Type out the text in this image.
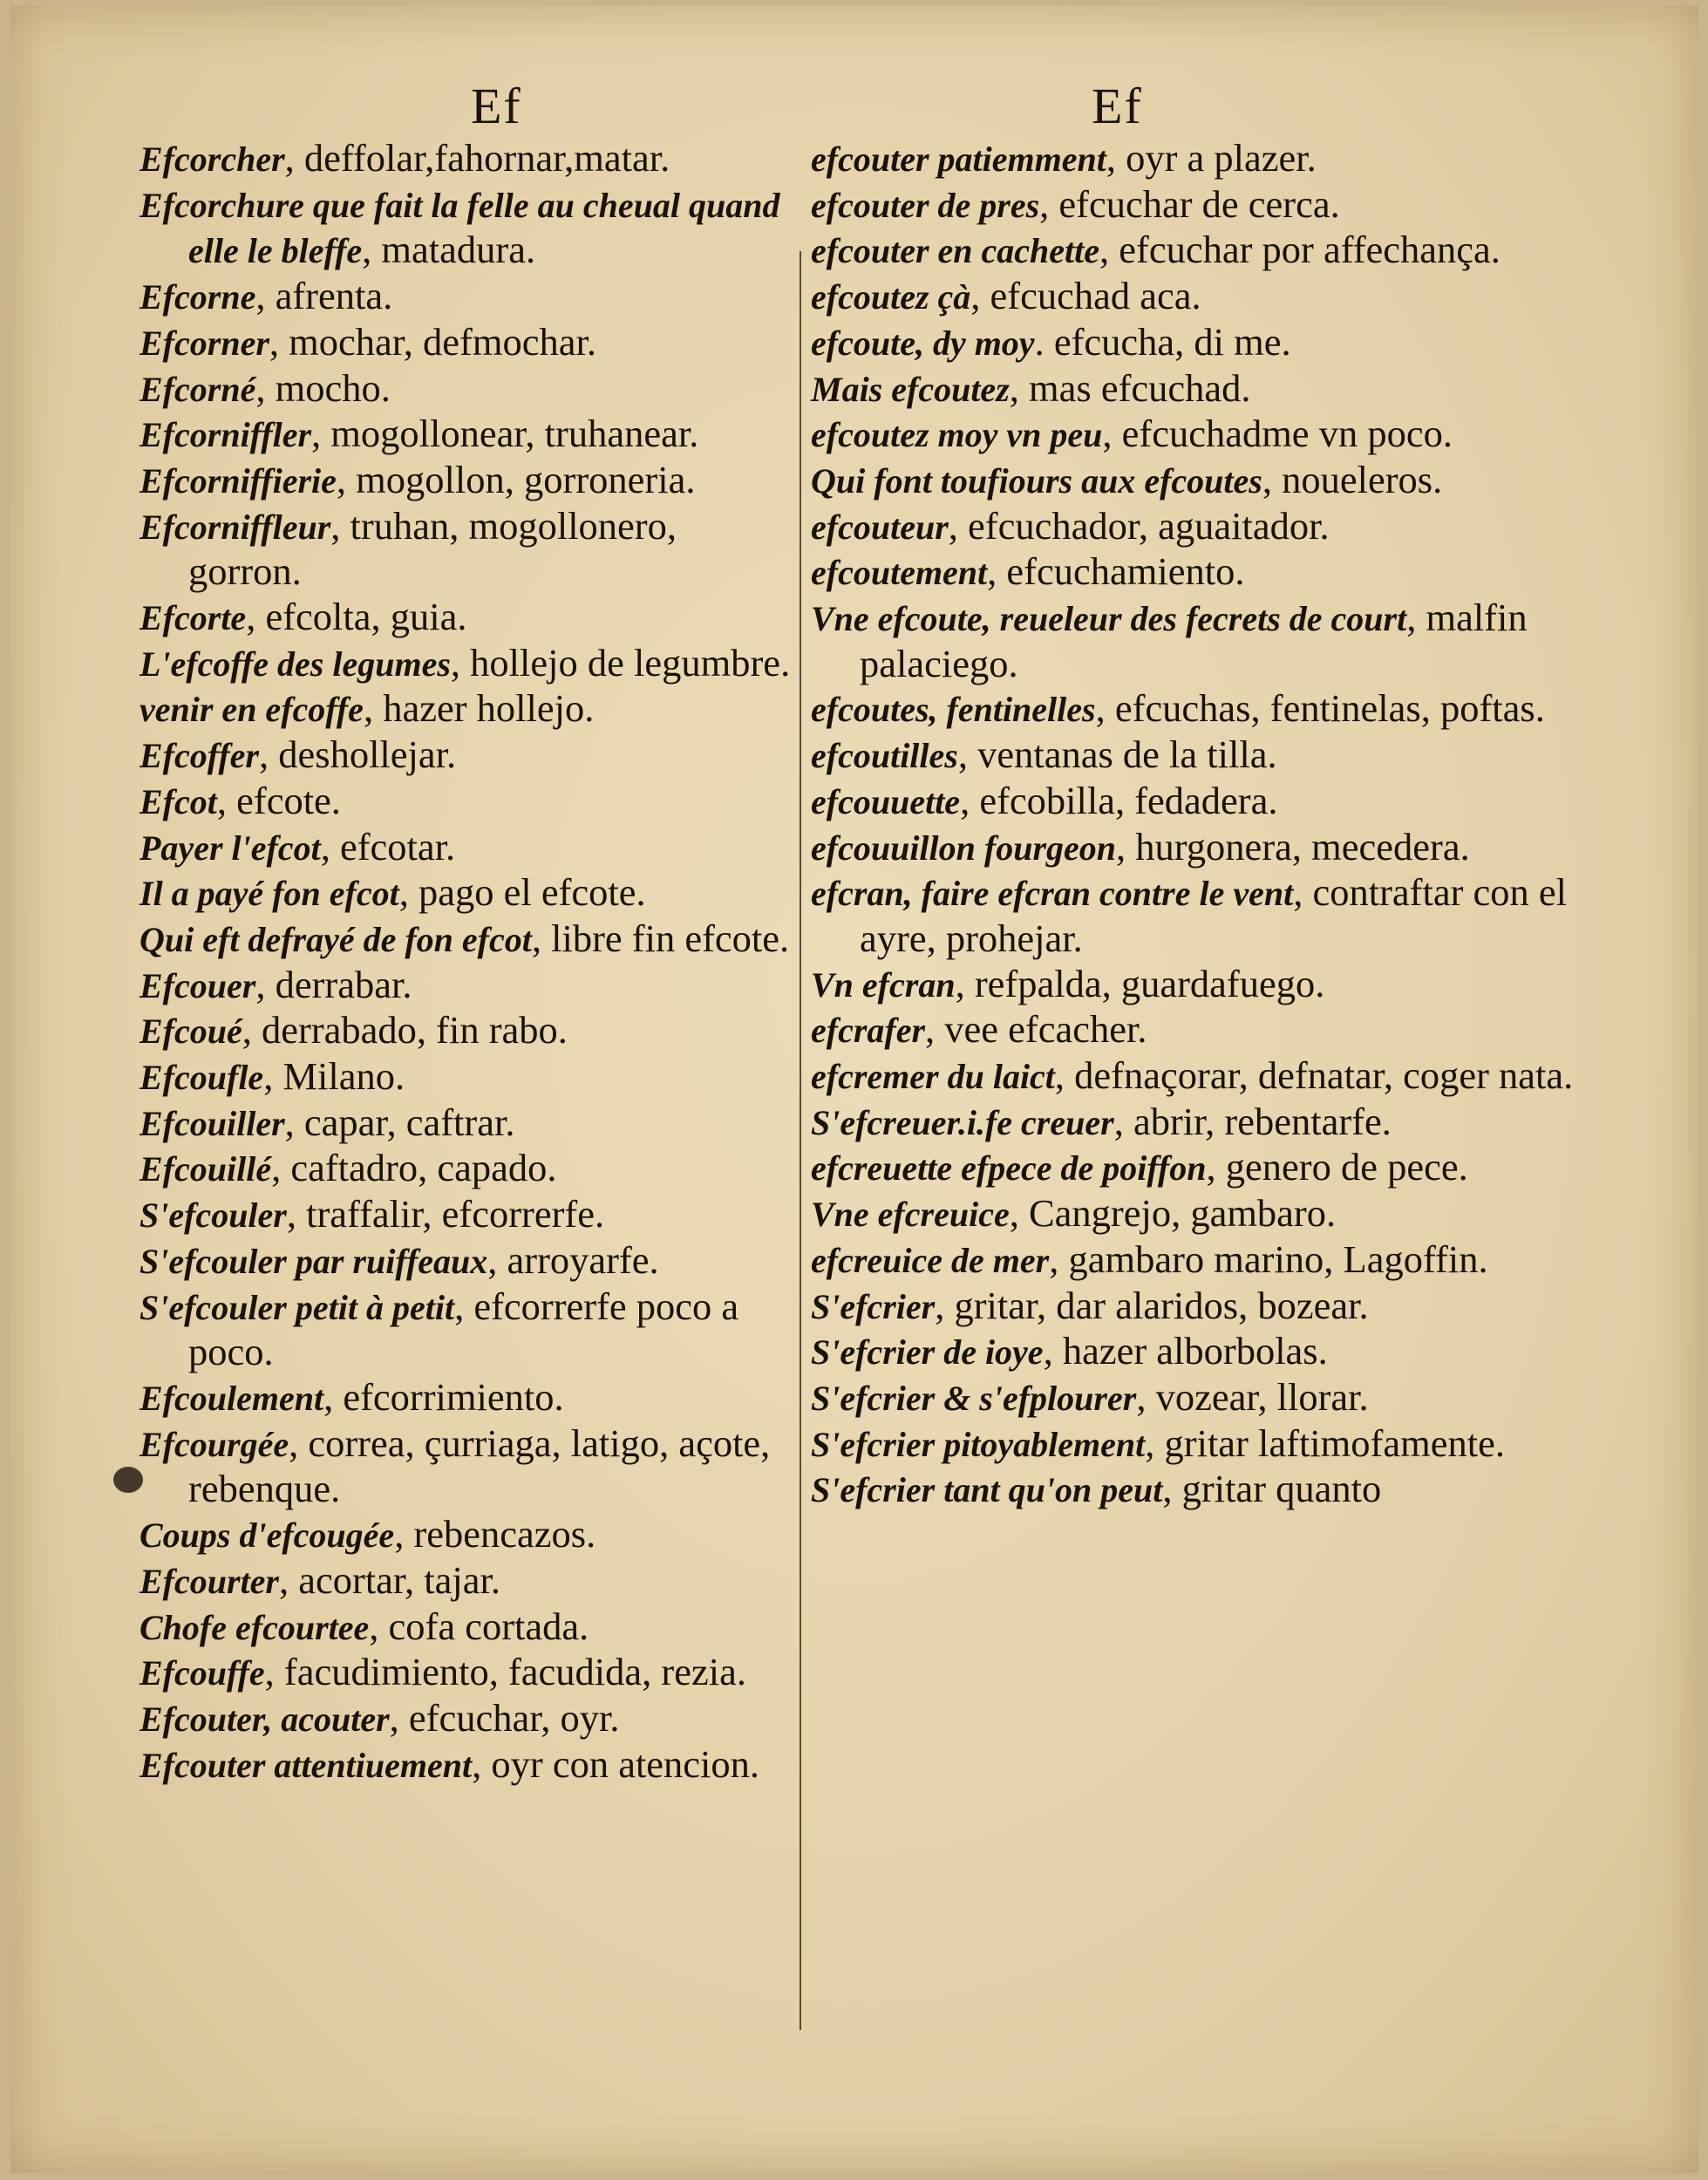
Ef	Ef

Efcorcher, deffolar,fahornar,matar.

Efcorchure que fait la felle au cheual quand elle le bleffe, matadura.

Efcorne, afrenta.

Efcorner, mochar, defmochar.

Efcorné, mocho.

Efcorniffler, mogollonear, truhanear.

Efcorniffierie, mogollon, gorroneria.

Efcorniffleur, truhan, mogollonero, gorron.

Efcorte, efcolta, guia.

L'efcoffe des legumes, hollejo de legumbre.

venir en efcoffe, hazer hollejo.

Efcoffer, deshollejar.

Efcot, efcote.

Payer l'efcot, efcotar.

Il a payé fon efcot, pago el efcote.

Qui eft defrayé de fon efcot, libre fin efcote.

Efcouer, derrabar.

Efcoué, derrabado, fin rabo.

Efcoufle, Milano.

Efcouiller, capar, caftrar.

Efcouillé, caftadro, capado.

S'efcouler, traffalir, efcorrerfe.

S'efcouler par ruiffeaux, arroyarfe.

S'efcouler petit à petit, efcorrerfe poco a poco.

Efcoulement, efcorrimiento.

Efcourgée, correa, çurriaga, latigo, açote, rebenque.

Coups d'efcougée, rebencazos.

Efcourter, acortar, tajar.

Chofe efcourtee, cofa cortada.

Efcouffe, facudimiento, facudida, rezia.

Efcouter, acouter, efcuchar, oyr.

Efcouter attentiuement, oyr con atencion.

efcouter patiemment, oyr a plazer.

efcouter de pres, efcuchar de cerca.

efcouter en cachette, efcuchar por affechança.

efcoutez çà, efcuchad aca.

efcoute, dy moy. efcucha, di me.

Mais efcoutez, mas efcuchad.

efcoutez moy vn peu, efcuchadme vn poco.

Qui font toufiours aux efcoutes, noueleros.

efcouteur, efcuchador, aguaitador.

efcoutement, efcuchamiento.

Vne efcoute, reueleur des fecrets de court, malfin palaciego.

efcoutes, fentinelles, efcuchas, fentinelas, poftas.

efcoutilles, ventanas de la tilla.

efcouuette, efcobilla, fedadera.

efcouuillon fourgeon, hurgonera, mecedera.

efcran, faire efcran contre le vent, contraftar con el ayre, prohejar.

Vn efcran, refpalda, guardafuego.

efcrafer, vee efcacher.

efcremer du laict, defnaçorar, defnatar, coger nata.

S'efcreuer.i.fe creuer, abrir, rebentarfe.

efcreuette efpece de poiffon, genero de pece.

Vne efcreuice, Cangrejo, gambaro.

efcreuice de mer, gambaro marino, Lagoffin.

S'efcrier, gritar, dar alaridos, bozear.

S'efcrier de ioye, hazer alborbolas.

S'efcrier & s'efplourer, vozear, llorar.

S'efcrier pitoyablement, gritar laftimofamente.

S'efcrier tant qu'on peut, gritar quanto
